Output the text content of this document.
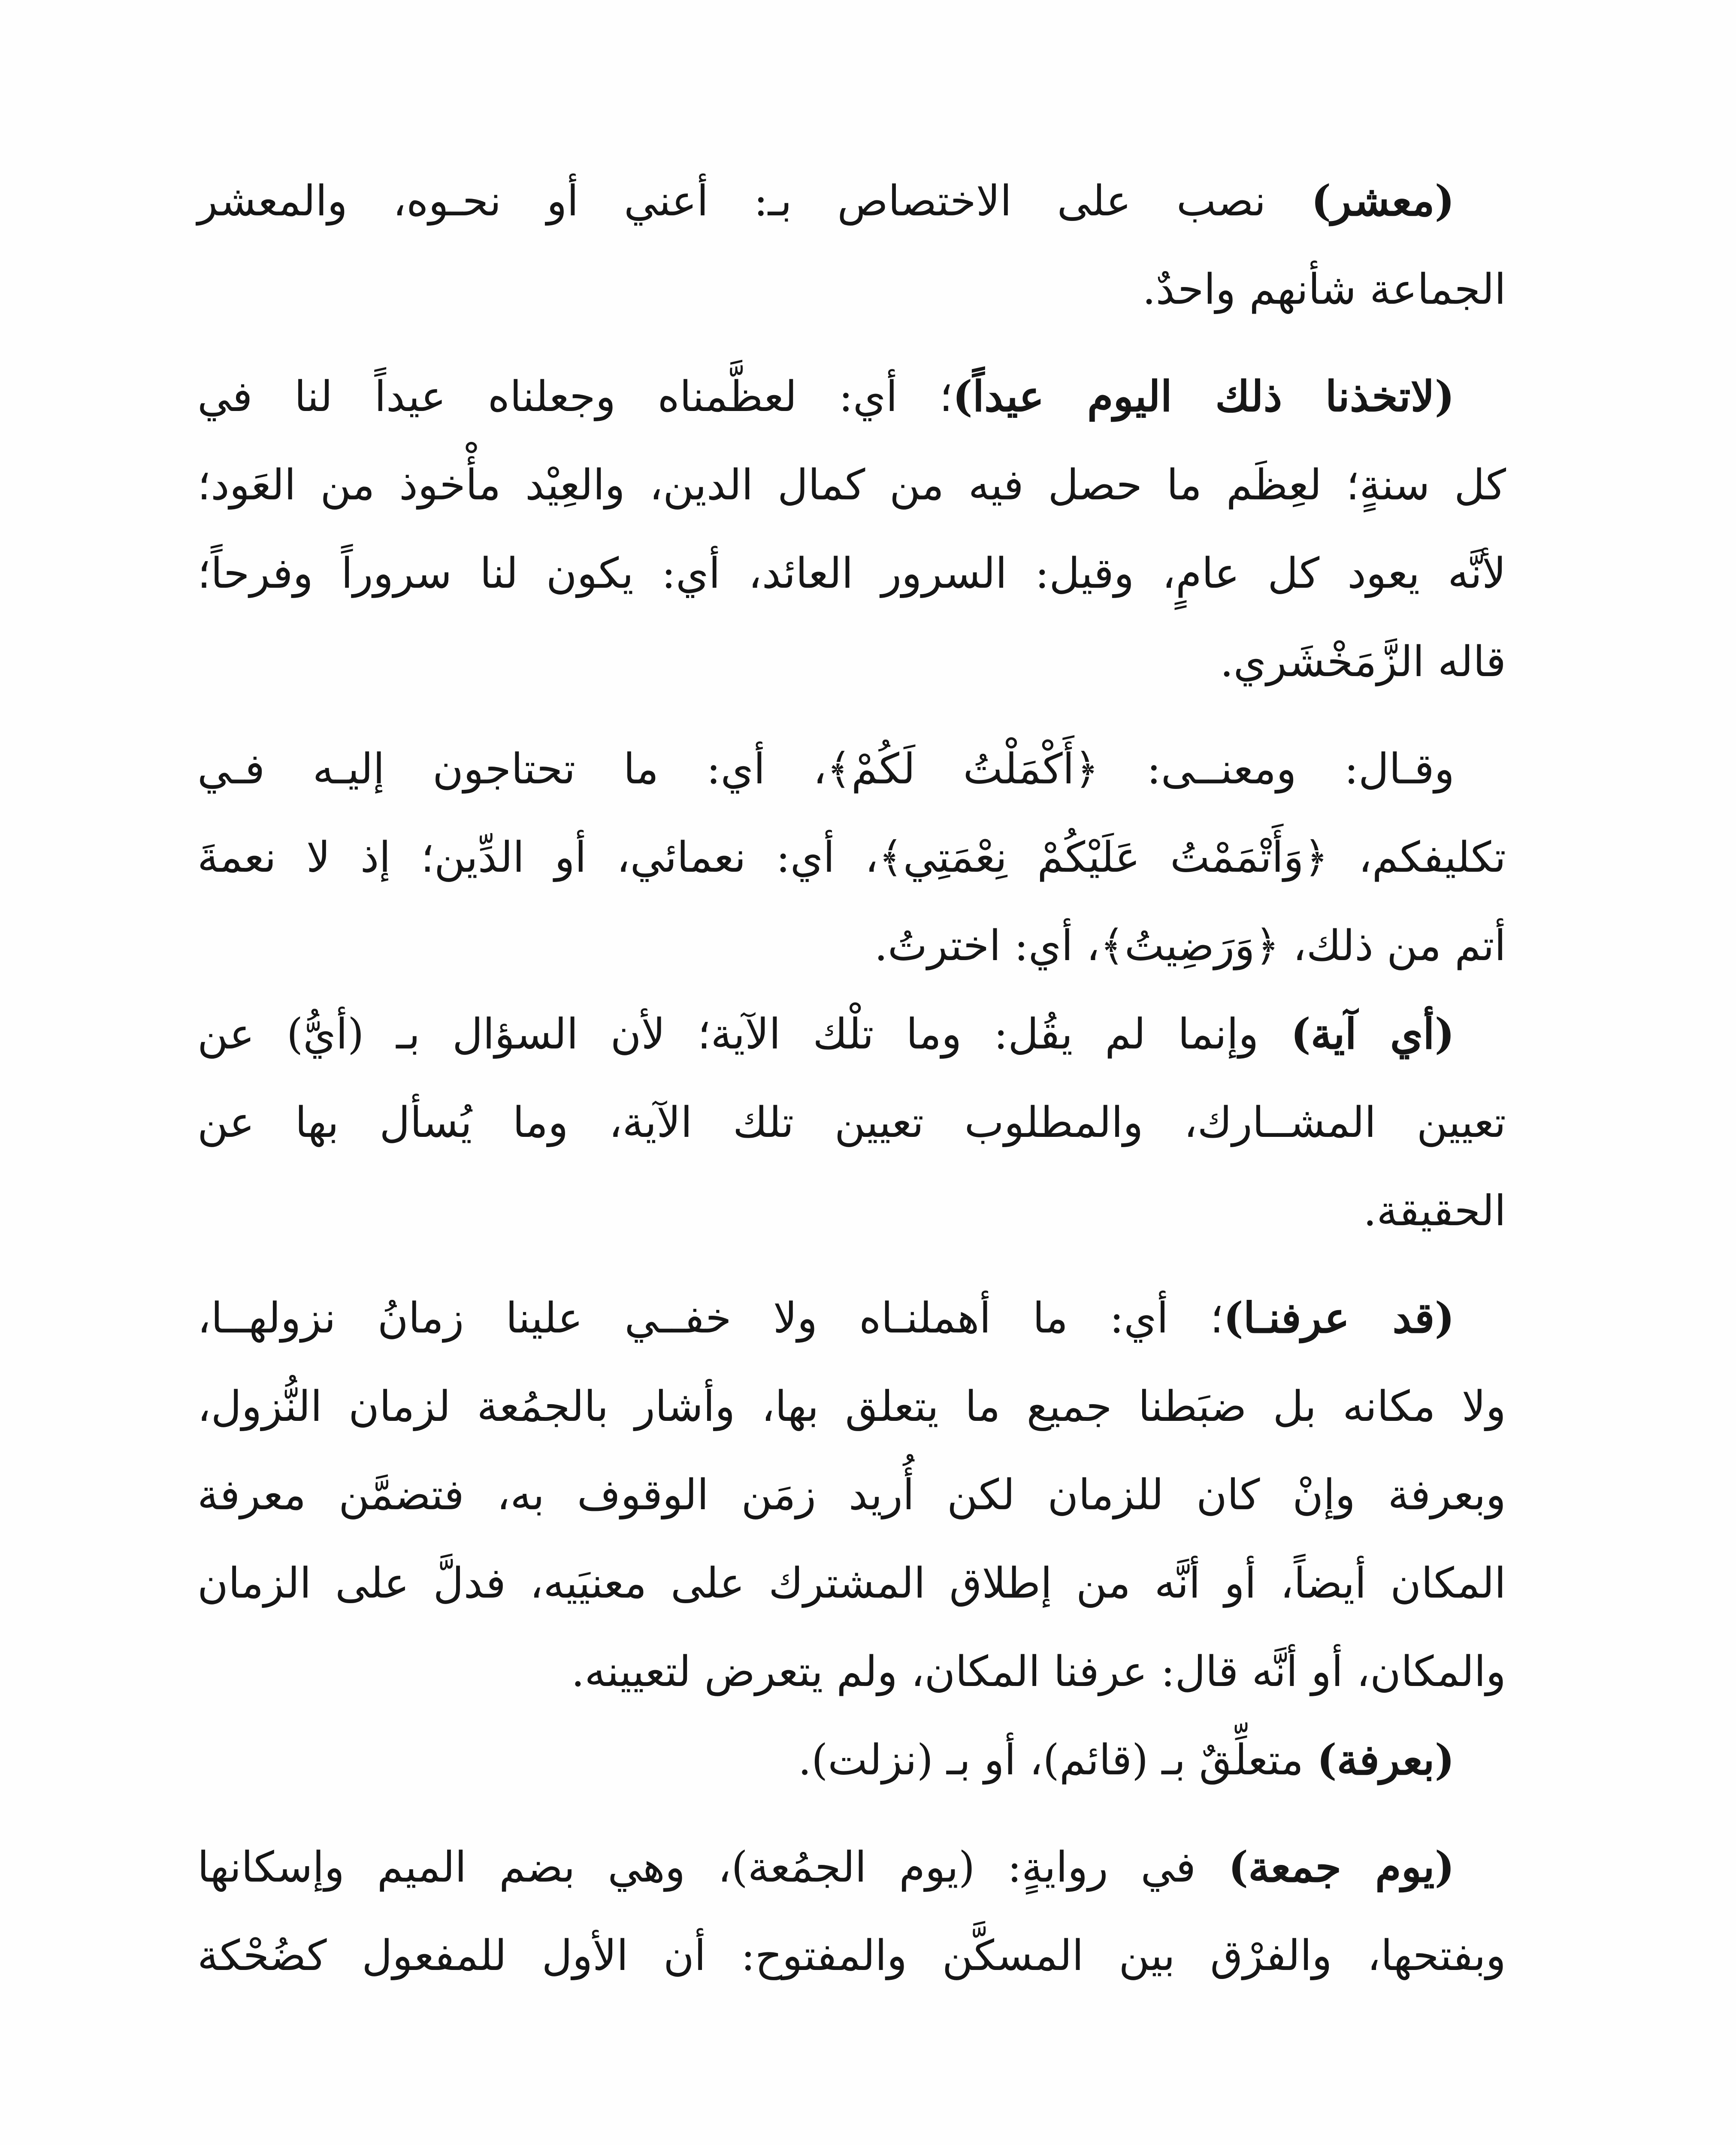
(معشر) نصب على الاختصاص بـ: أعني أو نحـوه، والمعشر
الجماعة شأنهم واحدٌ.
(لاتخذنا ذلك اليوم عيداً)؛ أي: لعظَّمناه وجعلناه عيداً لنا في
كل سنةٍ؛ لعِظَم ما حصل فيه من كمال الدين، والعِيْد مأْخوذ من العَود؛
لأنَّه يعود كل عامٍ، وقيل: السرور العائد، أي: يكون لنا سروراً وفرحاً؛
قاله الزَّمَخْشَري.
وقـال: ومعنــى: ﴿أَكْمَلْتُ لَكُمْ﴾، أي: ما تحتاجون إليـه فـي
تكليفكم، ﴿وَأَتْمَمْتُ عَلَيْكُمْ نِعْمَتِي﴾، أي: نعمائي، أو الدِّين؛ إذ لا نعمةَ
أتم من ذلك، ﴿وَرَضِيتُ﴾، أي: اخترتُ.
(أي آية) وإنما لم يقُل: وما تلْك الآية؛ لأن السؤال بـ (أيُّ) عن
تعيين المشــارك، والمطلوب تعيين تلك الآية، وما يُسأل بها عن
الحقيقة.
(قد عرفنـا)؛ أي: ما أهملنـاه ولا خفــي علينا زمانُ نزولهــا،
ولا مكانه بل ضبَطنا جميع ما يتعلق بها، وأشار بالجمُعة لزمان النُّزول،
وبعرفة وإنْ كان للزمان لكن أُريد زمَن الوقوف به، فتضمَّن معرفة
المكان أيضاً، أو أنَّه من إطلاق المشترك على معنيَيه، فدلَّ على الزمان
والمكان، أو أنَّه قال: عرفنا المكان، ولم يتعرض لتعيينه.
(بعرفة) متعلِّقٌ بـ (قائم)، أو بـ (نزلت).
(يوم جمعة) في روايةٍ: (يوم الجمُعة)، وهي بضم الميم وإسكانها
وبفتحها، والفرْق بين المسكَّن والمفتوح: أن الأول للمفعول كضُحْكة
